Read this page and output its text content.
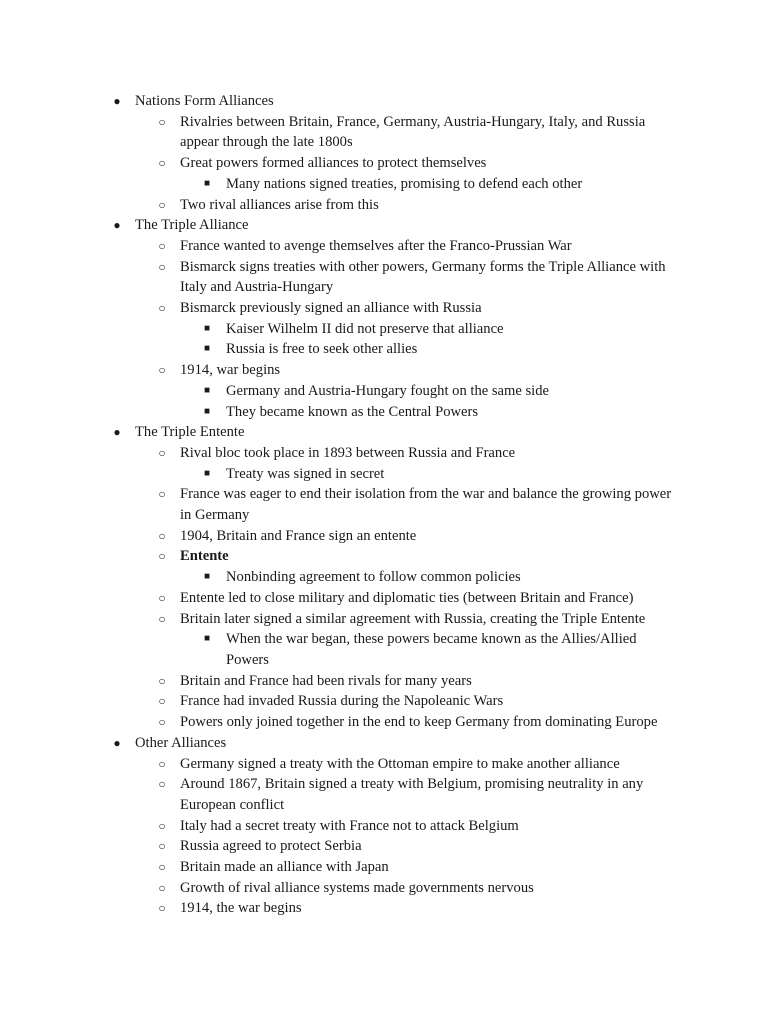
● Nations Form Alliances
○ Rivalries between Britain, France, Germany, Austria-Hungary, Italy, and Russia appear through the late 1800s
○ Great powers formed alliances to protect themselves
■ Many nations signed treaties, promising to defend each other
○ Two rival alliances arise from this
● The Triple Alliance
○ France wanted to avenge themselves after the Franco-Prussian War
○ Bismarck signs treaties with other powers, Germany forms the Triple Alliance with Italy and Austria-Hungary
○ Bismarck previously signed an alliance with Russia
■ Kaiser Wilhelm II did not preserve that alliance
■ Russia is free to seek other allies
○ 1914, war begins
■ Germany and Austria-Hungary fought on the same side
■ They became known as the Central Powers
● The Triple Entente
○ Rival bloc took place in 1893 between Russia and France
■ Treaty was signed in secret
○ France was eager to end their isolation from the war and balance the growing power in Germany
○ 1904, Britain and France sign an entente
○ Entente
■ Nonbinding agreement to follow common policies
○ Entente led to close military and diplomatic ties (between Britain and France)
○ Britain later signed a similar agreement with Russia, creating the Triple Entente
■ When the war began, these powers became known as the Allies/Allied Powers
○ Britain and France had been rivals for many years
○ France had invaded Russia during the Napoleanic Wars
○ Powers only joined together in the end to keep Germany from dominating Europe
● Other Alliances
○ Germany signed a treaty with the Ottoman empire to make another alliance
○ Around 1867, Britain signed a treaty with Belgium, promising neutrality in any European conflict
○ Italy had a secret treaty with France not to attack Belgium
○ Russia agreed to protect Serbia
○ Britain made an alliance with Japan
○ Growth of rival alliance systems made governments nervous
○ 1914, the war begins
